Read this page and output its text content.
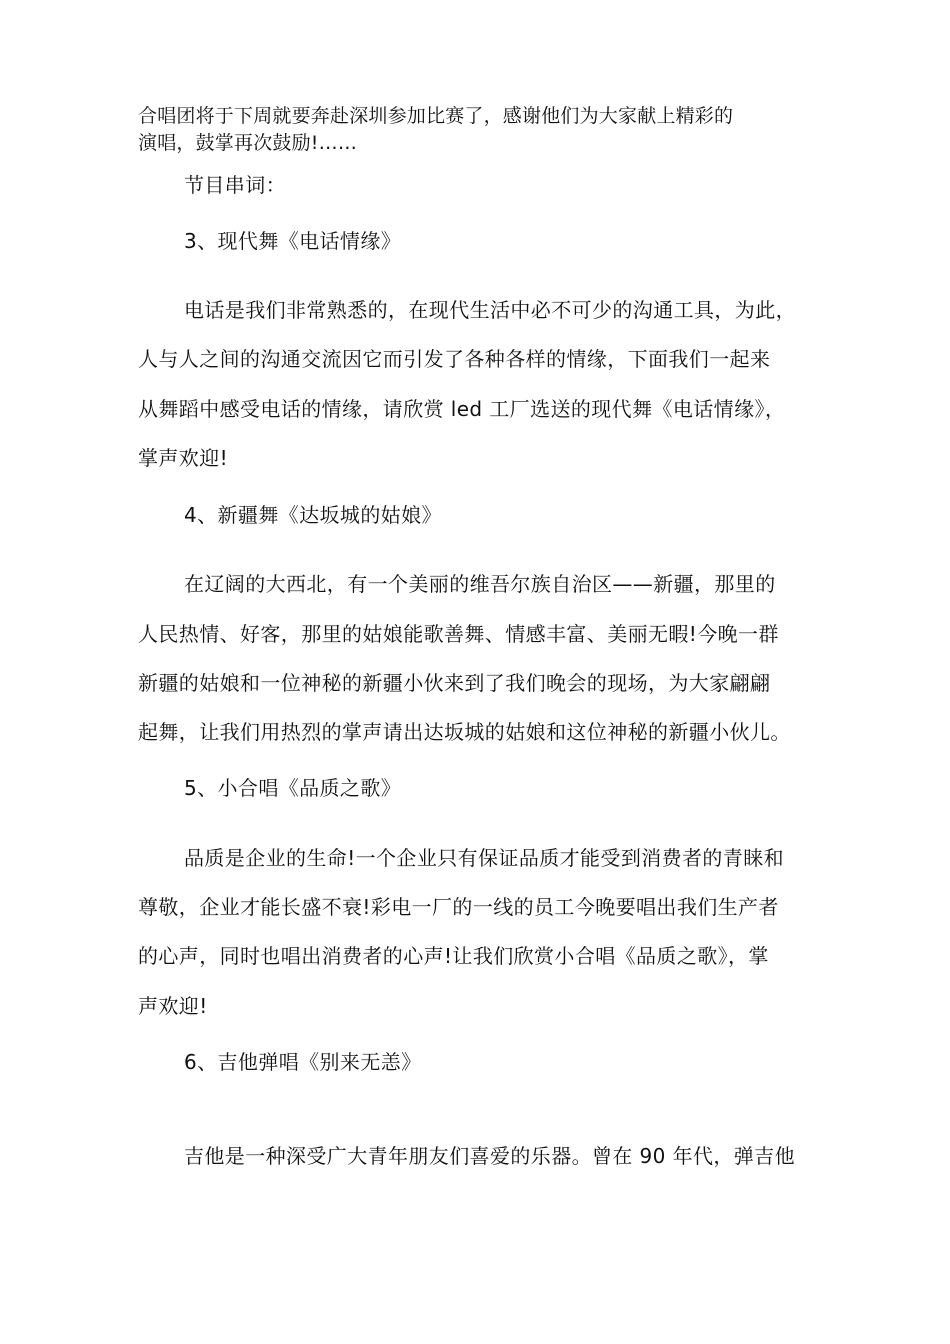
合唱团将于下周就要奔赴深圳参加比赛了，感谢他们为大家献上精彩的
演唱，鼓掌再次鼓励!……
节目串词：
3、现代舞《电话情缘》
电话是我们非常熟悉的，在现代生活中必不可少的沟通工具，为此，
人与人之间的沟通交流因它而引发了各种各样的情缘，下面我们一起来
从舞蹈中感受电话的情缘，请欣赏 led 工厂选送的现代舞《电话情缘》，
掌声欢迎!
4、新疆舞《达坂城的姑娘》
在辽阔的大西北，有一个美丽的维吾尔族自治区——新疆，那里的
人民热情、好客，那里的姑娘能歌善舞、情感丰富、美丽无暇!今晚一群
新疆的姑娘和一位神秘的新疆小伙来到了我们晚会的现场，为大家翩翩
起舞，让我们用热烈的掌声请出达坂城的姑娘和这位神秘的新疆小伙儿。
5、小合唱《品质之歌》
品质是企业的生命!一个企业只有保证品质才能受到消费者的青睐和
尊敬，企业才能长盛不衰!彩电一厂的一线的员工今晚要唱出我们生产者
的心声，同时也唱出消费者的心声!让我们欣赏小合唱《品质之歌》，掌
声欢迎!
6、吉他弹唱《别来无恙》
吉他是一种深受广大青年朋友们喜爱的乐器。曾在 90 年代，弹吉他
